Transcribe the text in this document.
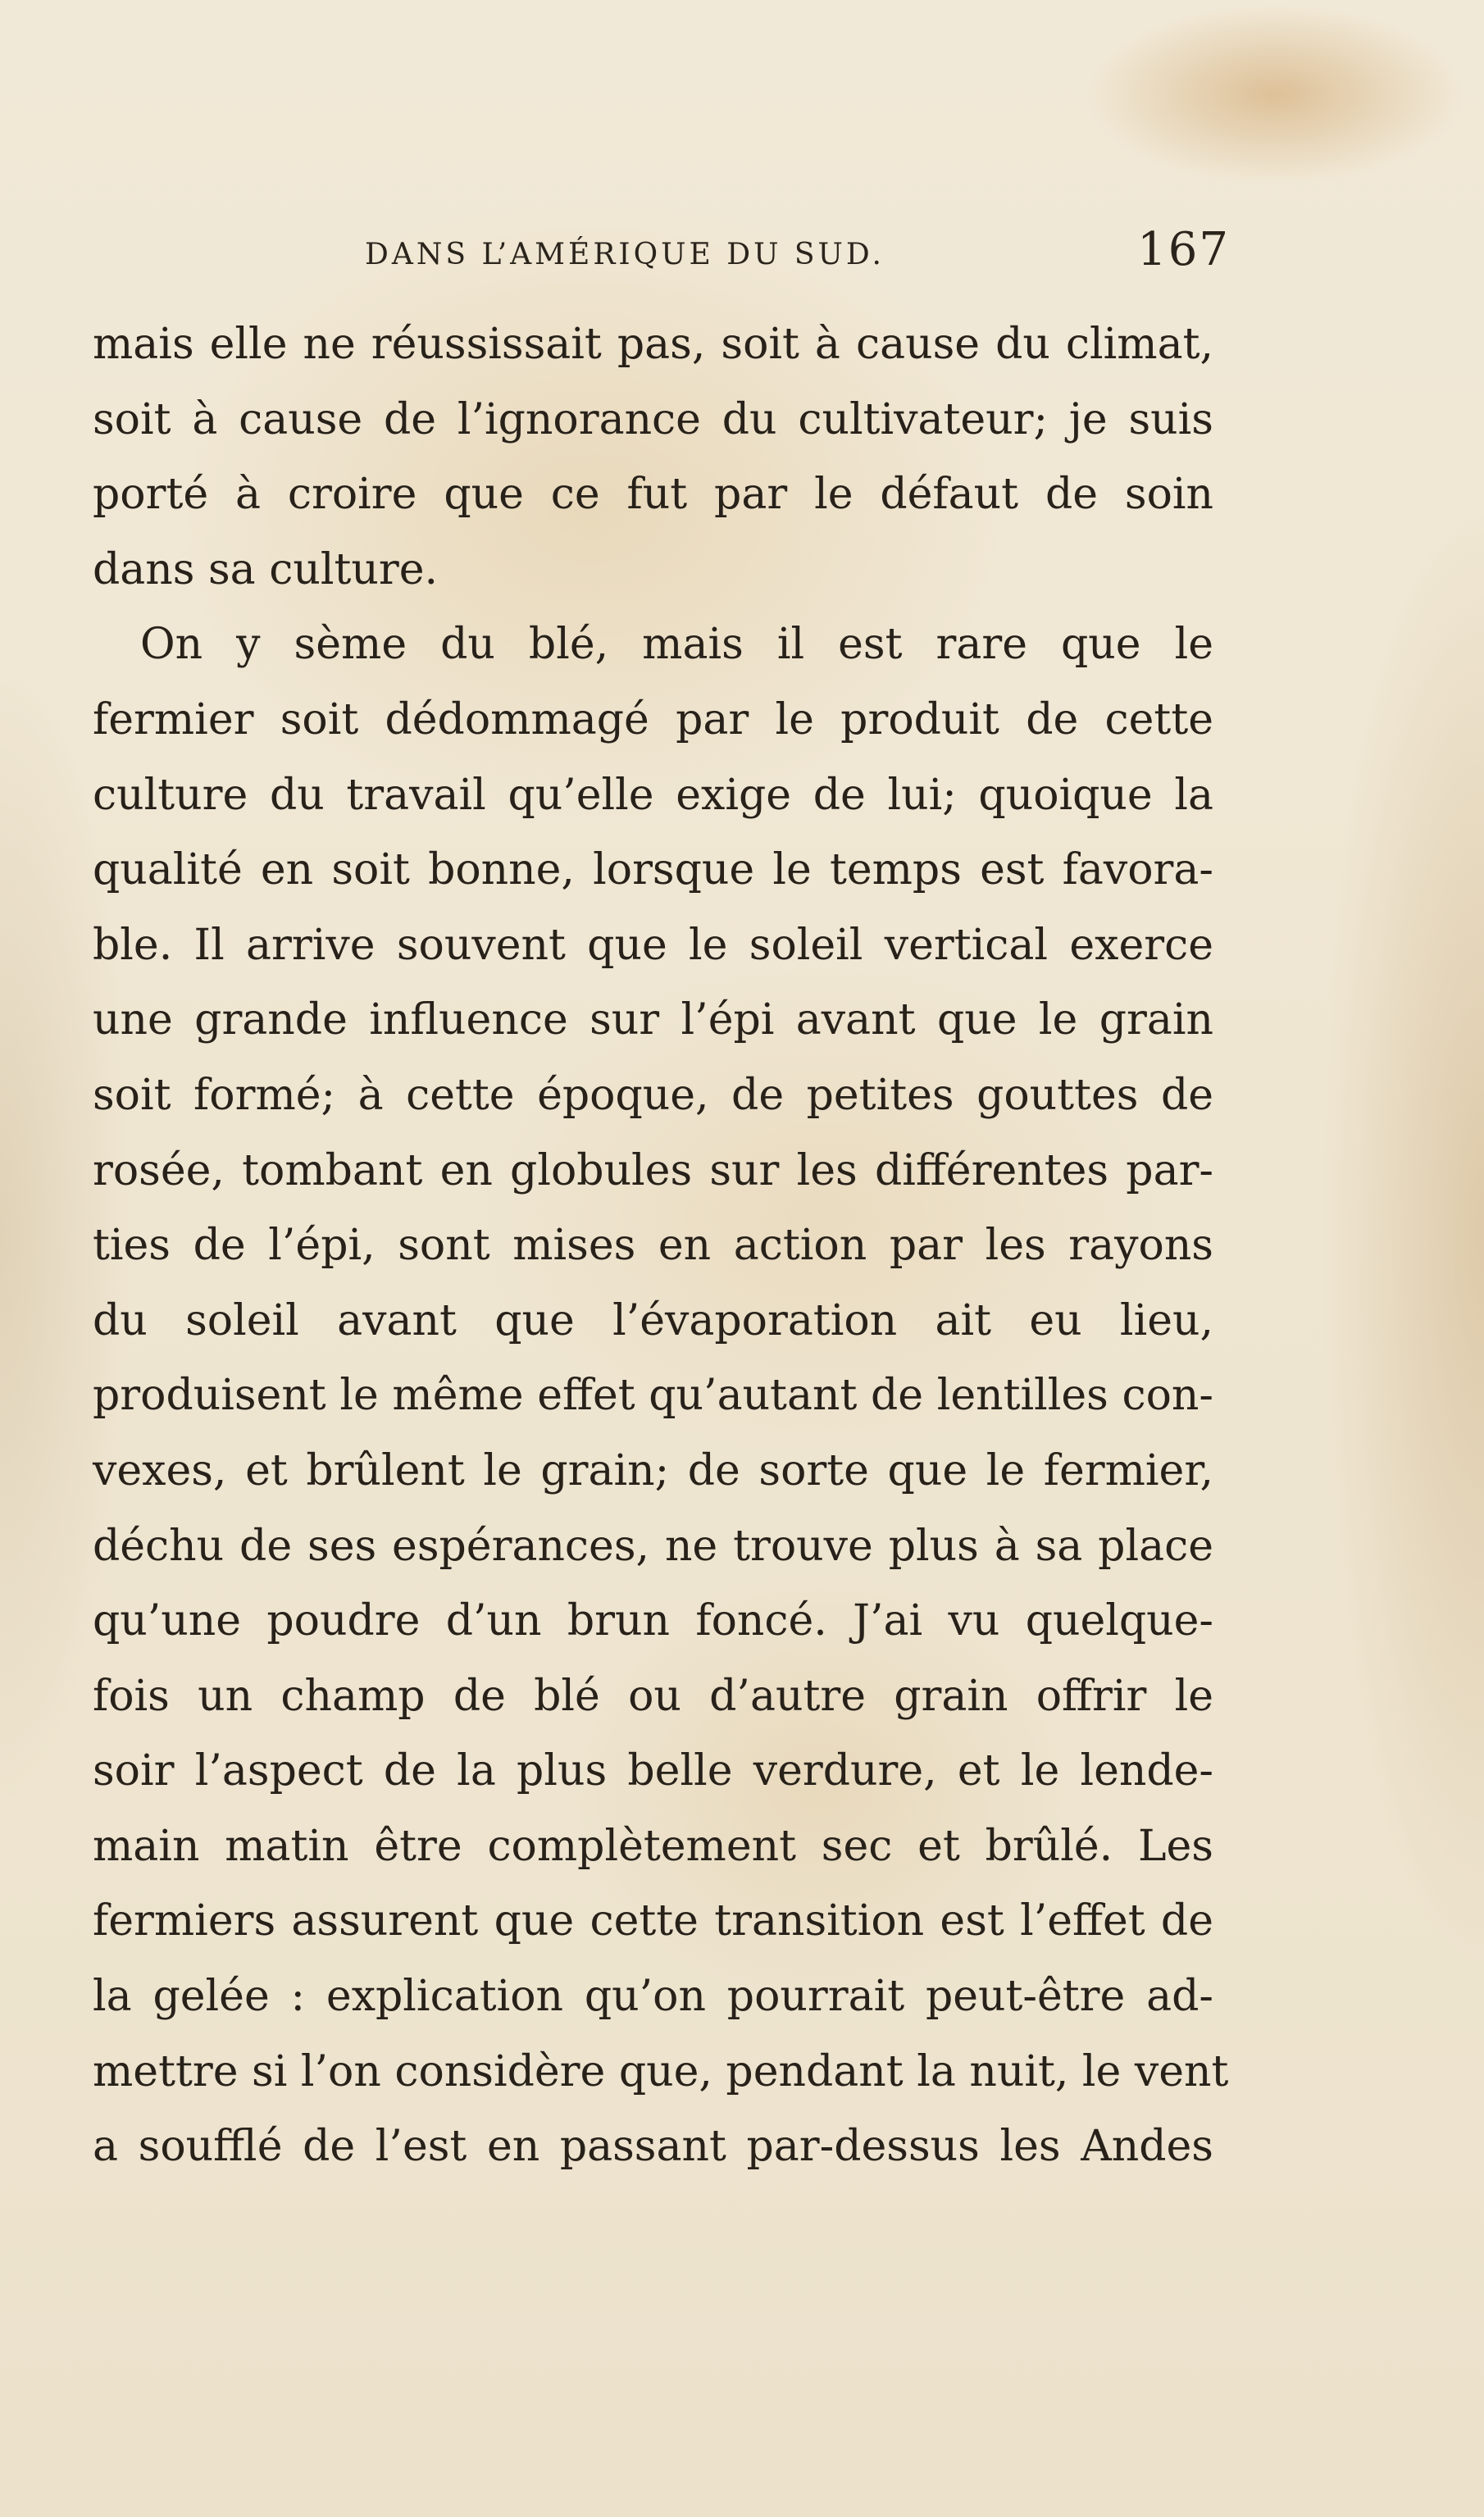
DANS L’AMÉRIQUE DU SUD.	167
mais elle ne réussissait pas, soit à cause du climat,
soit à cause de l’ignorance du cultivateur; je suis
porté à croire que ce fut par le défaut de soin
dans sa culture.
On y sème du blé, mais il est rare que le
fermier soit dédommagé par le produit de cette
culture du travail qu’elle exige de lui; quoique la
qualité en soit bonne, lorsque le temps est favora-
ble. Il arrive souvent que le soleil vertical exerce
une grande influence sur l’épi avant que le grain
soit formé; à cette époque, de petites gouttes de
rosée, tombant en globules sur les différentes par-
ties de l’épi, sont mises en action par les rayons
du soleil avant que l’évaporation ait eu lieu,
produisent le même effet qu’autant de lentilles con-
vexes, et brûlent le grain; de sorte que le fermier,
déchu de ses espérances, ne trouve plus à sa place
qu’une poudre d’un brun foncé. J’ai vu quelque-
fois un champ de blé ou d’autre grain offrir le
soir l’aspect de la plus belle verdure, et le lende-
main matin être complètement sec et brûlé. Les
fermiers assurent que cette transition est l’effet de
la gelée : explication qu’on pourrait peut-être ad-
mettre si l’on considère que, pendant la nuit, le vent
a soufflé de l’est en passant par-dessus les Andes
